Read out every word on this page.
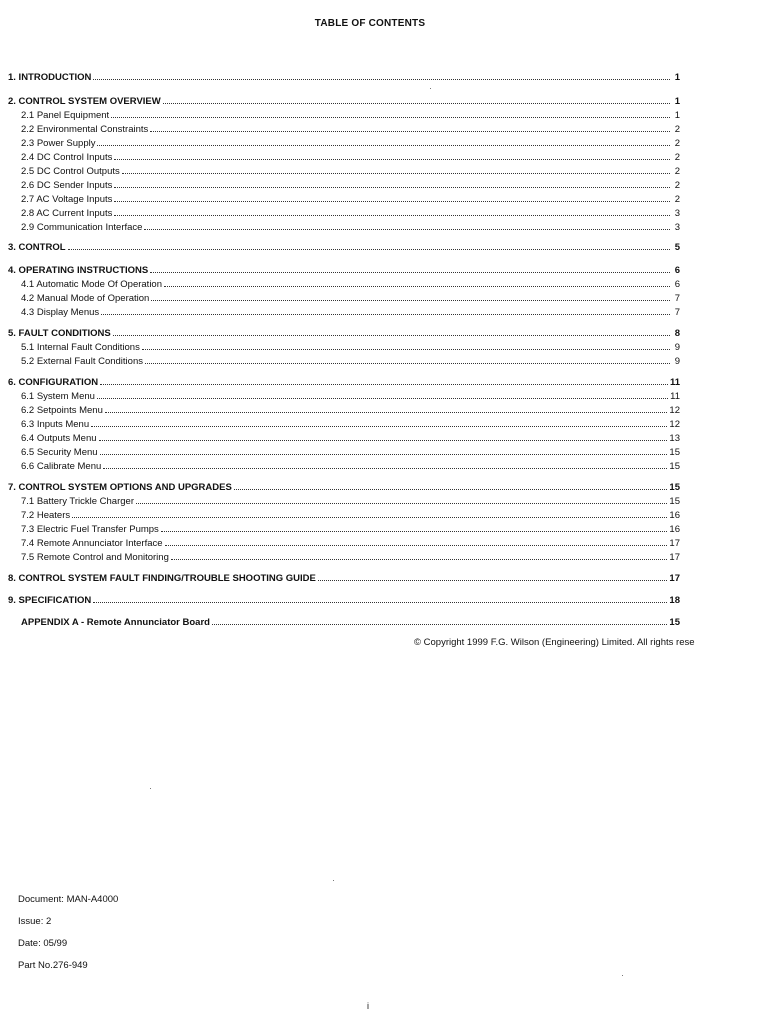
TABLE OF CONTENTS
1. INTRODUCTION	1
2. CONTROL SYSTEM OVERVIEW	1
2.1 Panel Equipment	1
2.2 Environmental Constraints	2
2.3 Power Supply	2
2.4 DC Control Inputs	2
2.5 DC Control Outputs	2
2.6 DC Sender Inputs	2
2.7 AC Voltage Inputs	2
2.8 AC Current Inputs	3
2.9 Communication Interface	3
3. CONTROL	5
4. OPERATING INSTRUCTIONS	6
4.1 Automatic Mode Of Operation	6
4.2 Manual Mode of Operation	7
4.3 Display Menus	7
5. FAULT CONDITIONS	8
5.1 Internal Fault Conditions	9
5.2 External Fault Conditions	9
6. CONFIGURATION	11
6.1 System Menu	11
6.2 Setpoints Menu	12
6.3 Inputs Menu	12
6.4 Outputs Menu	13
6.5 Security Menu	15
6.6 Calibrate Menu	15
7. CONTROL SYSTEM OPTIONS AND UPGRADES	15
7.1 Battery Trickle Charger	15
7.2 Heaters	16
7.3 Electric Fuel Transfer Pumps	16
7.4 Remote Annunciator Interface	17
7.5 Remote Control and Monitoring	17
8. CONTROL SYSTEM FAULT FINDING/TROUBLE SHOOTING GUIDE	17
9. SPECIFICATION	18
APPENDIX A - Remote Annunciator Board	15
© Copyright 1999 F.G. Wilson (Engineering) Limited. All rights rese
Document: MAN-A4000
Issue: 2
Date: 05/99
Part No.276-949
i
